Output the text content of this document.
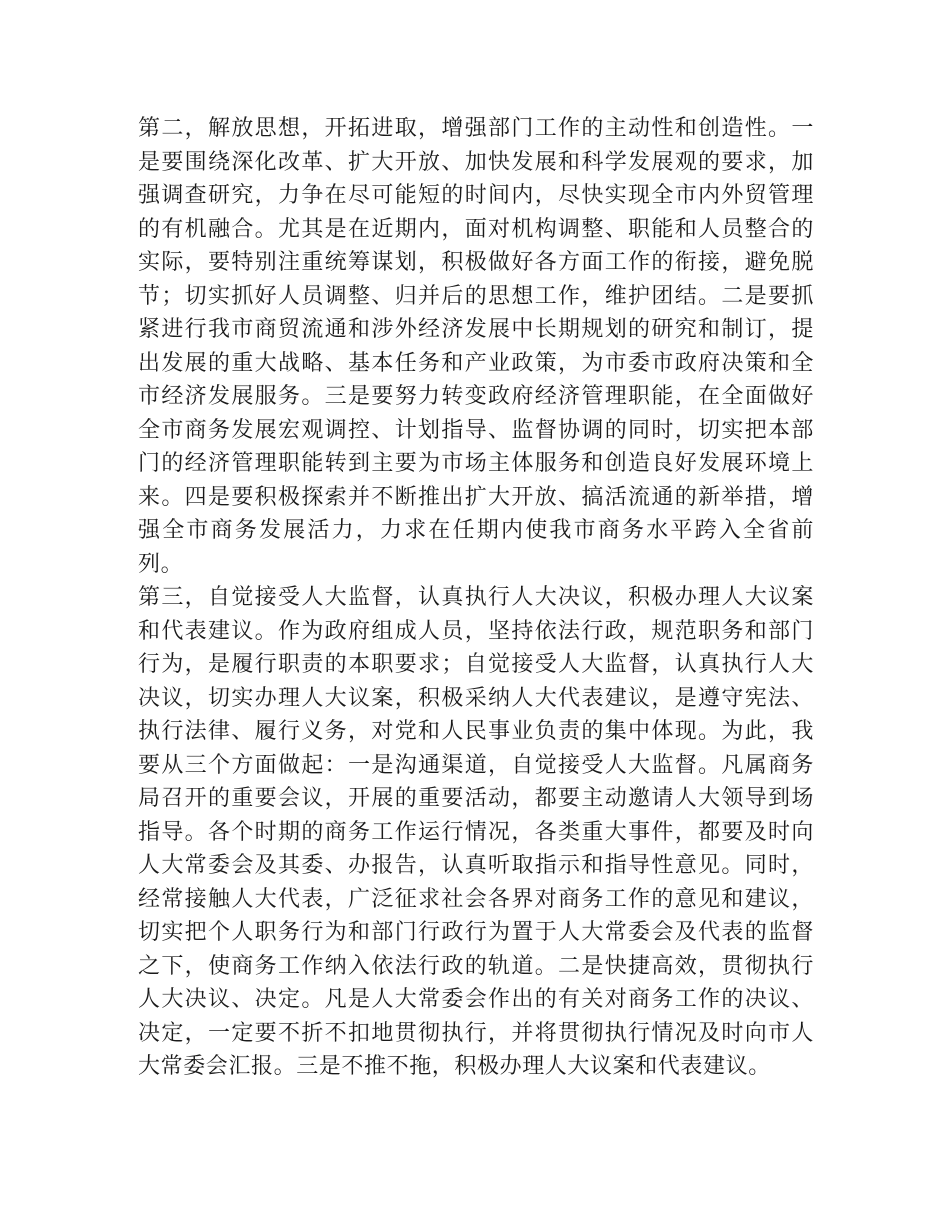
第二，解放思想，开拓进取，增强部门工作的主动性和创造性。一是要围绕深化改革、扩大开放、加快发展和科学发展观的要求，加强调查研究，力争在尽可能短的时间内，尽快实现全市内外贸管理的有机融合。尤其是在近期内，面对机构调整、职能和人员整合的实际，要特别注重统筹谋划，积极做好各方面工作的衔接，避免脱节；切实抓好人员调整、归并后的思想工作，维护团结。二是要抓紧进行我市商贸流通和涉外经济发展中长期规划的研究和制订，提出发展的重大战略、基本任务和产业政策，为市委市政府决策和全市经济发展服务。三是要努力转变政府经济管理职能，在全面做好全市商务发展宏观调控、计划指导、监督协调的同时，切实把本部门的经济管理职能转到主要为市场主体服务和创造良好发展环境上来。四是要积极探索并不断推出扩大开放、搞活流通的新举措，增强全市商务发展活力，力求在任期内使我市商务水平跨入全省前列。

第三，自觉接受人大监督，认真执行人大决议，积极办理人大议案和代表建议。作为政府组成人员，坚持依法行政，规范职务和部门行为，是履行职责的本职要求；自觉接受人大监督，认真执行人大决议，切实办理人大议案，积极采纳人大代表建议，是遵守宪法、执行法律、履行义务，对党和人民事业负责的集中体现。为此，我要从三个方面做起：一是沟通渠道，自觉接受人大监督。凡属商务局召开的重要会议，开展的重要活动，都要主动邀请人大领导到场指导。各个时期的商务工作运行情况，各类重大事件，都要及时向人大常委会及其委、办报告，认真听取指示和指导性意见。同时，经常接触人大代表，广泛征求社会各界对商务工作的意见和建议，切实把个人职务行为和部门行政行为置于人大常委会及代表的监督之下，使商务工作纳入依法行政的轨道。二是快捷高效，贯彻执行人大决议、决定。凡是人大常委会作出的有关对商务工作的决议、决定，一定要不折不扣地贯彻执行，并将贯彻执行情况及时向市人大常委会汇报。三是不推不拖，积极办理人大议案和代表建议。
